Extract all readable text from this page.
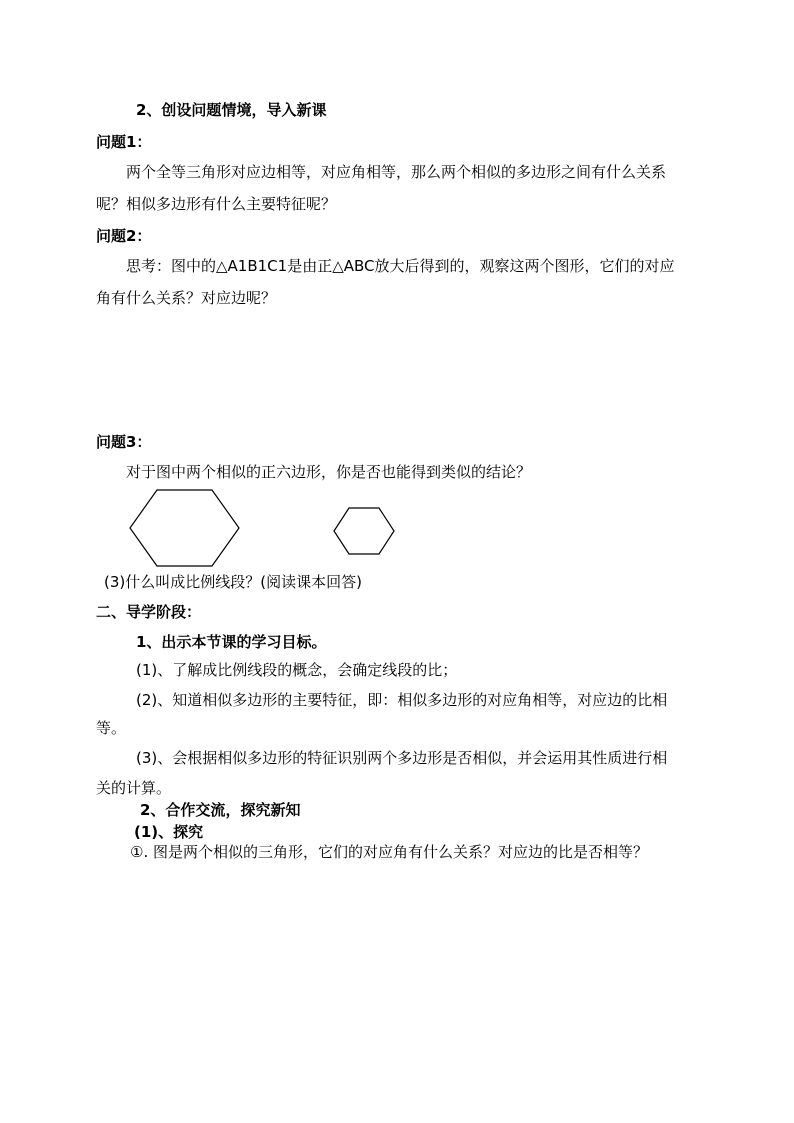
2、创设问题情境，导入新课
问题1：
两个全等三角形对应边相等，对应角相等，那么两个相似的多边形之间有什么关系
呢？相似多边形有什么主要特征呢？
问题2：
思考：图中的△A1B1C1是由正△ABC放大后得到的，观察这两个图形，它们的对应
角有什么关系？对应边呢？
问题3：
对于图中两个相似的正六边形，你是否也能得到类似的结论？
(3)什么叫成比例线段？(阅读课本回答)
二、导学阶段：
1、出示本节课的学习目标。
(1)、了解成比例线段的概念，会确定线段的比；
(2)、知道相似多边形的主要特征，即：相似多边形的对应角相等，对应边的比相
等。
(3)、会根据相似多边形的特征识别两个多边形是否相似，并会运用其性质进行相
关的计算。
2、合作交流，探究新知
(1)、探究
①. 图是两个相似的三角形，它们的对应角有什么关系？对应边的比是否相等？
